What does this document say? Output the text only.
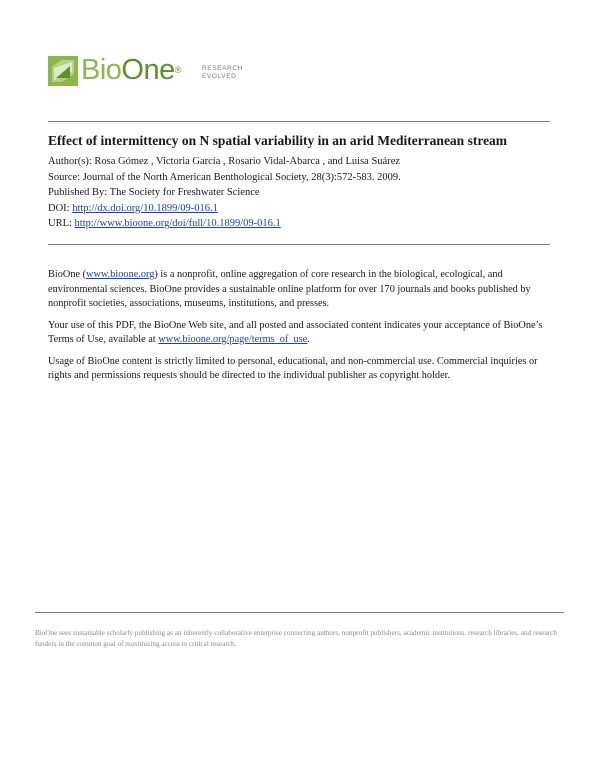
BioOne®	RESEARCH
EVOLVED
Effect of intermittency on N spatial variability in an arid Mediterranean stream
Author(s): Rosa Gómez , Victoria García , Rosario Vidal-Abarca , and Luisa Suárez
Source: Journal of the North American Benthological Society, 28(3):572-583. 2009.
Published By: The Society for Freshwater Science
DOI: http://dx.doi.org/10.1899/09-016.1
URL: http://www.bioone.org/doi/full/10.1899/09-016.1

BioOne (www.bioone.org) is a nonprofit, online aggregation of core research in the biological, ecological, and environmental sciences. BioOne provides a sustainable online platform for over 170 journals and books published by nonprofit societies, associations, museums, institutions, and presses.

Your use of this PDF, the BioOne Web site, and all posted and associated content indicates your acceptance of BioOne’s Terms of Use, available at www.bioone.org/page/terms_of_use.

Usage of BioOne content is strictly limited to personal, educational, and non-commercial use. Commercial inquiries or rights and permissions requests should be directed to the individual publisher as copyright holder.

BioOne sees sustainable scholarly publishing as an inherently collaborative enterprise connecting authors, nonprofit publishers, academic institutions, research libraries, and research funders in the common goal of maximizing access to critical research.
